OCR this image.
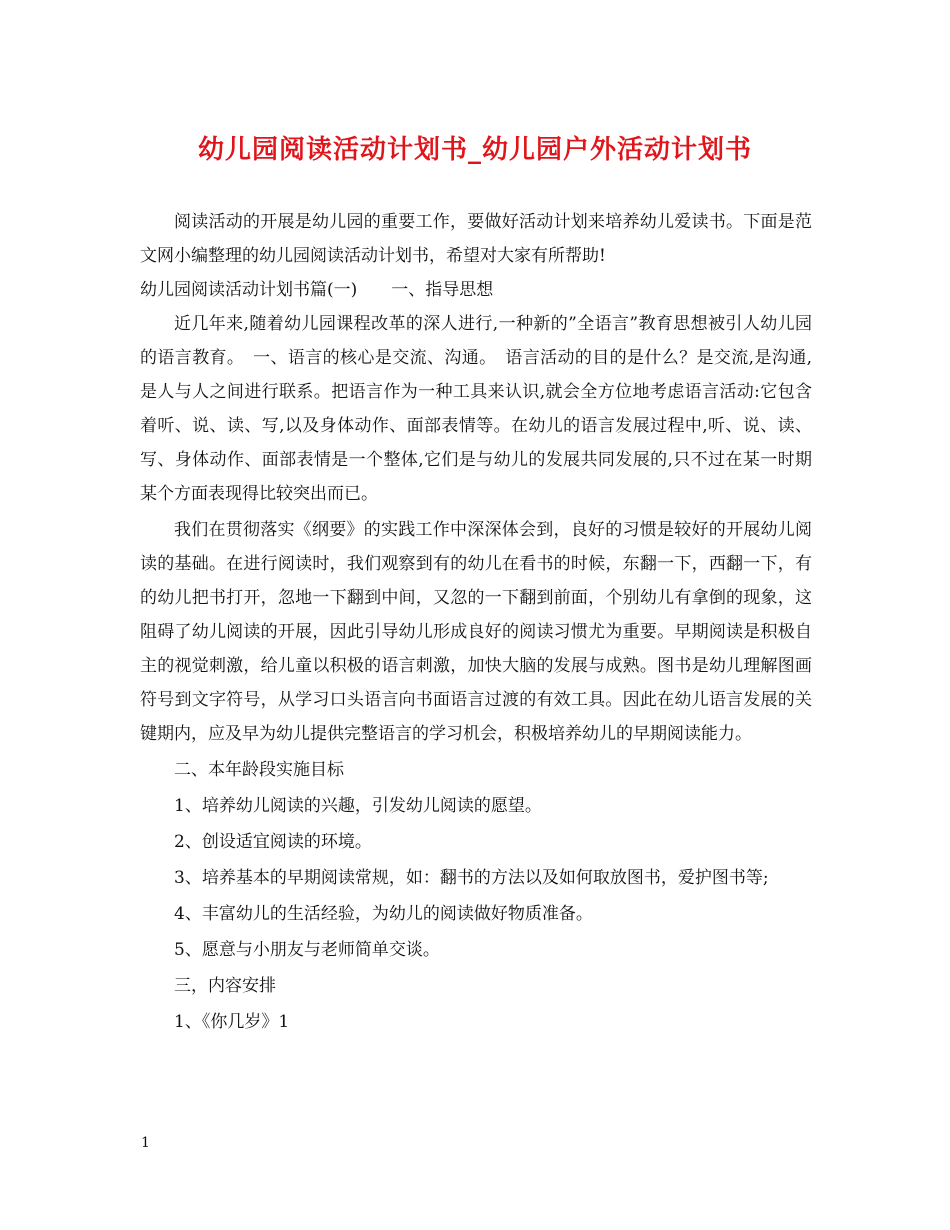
幼儿园阅读活动计划书_幼儿园户外活动计划书

阅读活动的开展是幼儿园的重要工作，要做好活动计划来培养幼儿爱读书。下面是范文网小编整理的幼儿园阅读活动计划书，希望对大家有所帮助!

幼儿园阅读活动计划书篇(一)　　一、指导思想

近几年来,随着幼儿园课程改革的深人进行,一种新的”全语言”教育思想被引人幼儿园的语言教育。　一、语言的核心是交流、沟通。　语言活动的目的是什么？是交流,是沟通,是人与人之间进行联系。把语言作为一种工具来认识,就会全方位地考虑语言活动:它包含着听、说、读、写,以及身体动作、面部表情等。在幼儿的语言发展过程中,听、说、读、写、身体动作、面部表情是一个整体,它们是与幼儿的发展共同发展的,只不过在某一时期某个方面表现得比较突出而已。

我们在贯彻落实《纲要》的实践工作中深深体会到，良好的习惯是较好的开展幼儿阅读的基础。在进行阅读时，我们观察到有的幼儿在看书的时候，东翻一下，西翻一下，有的幼儿把书打开，忽地一下翻到中间，又忽的一下翻到前面，个别幼儿有拿倒的现象，这阻碍了幼儿阅读的开展，因此引导幼儿形成良好的阅读习惯尤为重要。早期阅读是积极自主的视觉刺激，给儿童以积极的语言刺激，加快大脑的发展与成熟。图书是幼儿理解图画符号到文字符号，从学习口头语言向书面语言过渡的有效工具。因此在幼儿语言发展的关键期内，应及早为幼儿提供完整语言的学习机会，积极培养幼儿的早期阅读能力。

二、本年龄段实施目标

1、培养幼儿阅读的兴趣，引发幼儿阅读的愿望。

2、创设适宜阅读的环境。

3、培养基本的早期阅读常规，如：翻书的方法以及如何取放图书，爱护图书等;

4、丰富幼儿的生活经验，为幼儿的阅读做好物质准备。

5、愿意与小朋友与老师简单交谈。

三，内容安排

1、《你几岁》1

1
